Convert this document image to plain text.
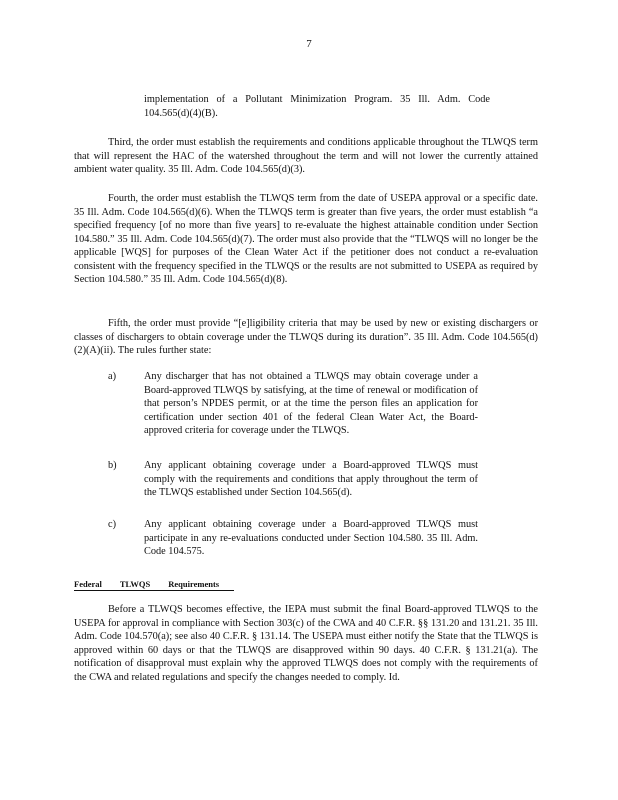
7

implementation of a Pollutant Minimization Program. 35 Ill. Adm. Code 104.565(d)(4)(B).

Third, the order must establish the requirements and conditions applicable throughout the TLWQS term that will represent the HAC of the watershed throughout the term and will not lower the currently attained ambient water quality. 35 Ill. Adm. Code 104.565(d)(3).

Fourth, the order must establish the TLWQS term from the date of USEPA approval or a specific date. 35 Ill. Adm. Code 104.565(d)(6). When the TLWQS term is greater than five years, the order must establish “a specified frequency [of no more than five years] to re-evaluate the highest attainable condition under Section 104.580.” 35 Ill. Adm. Code 104.565(d)(7). The order must also provide that the “TLWQS will no longer be the applicable [WQS] for purposes of the Clean Water Act if the petitioner does not conduct a re-evaluation consistent with the frequency specified in the TLWQS or the results are not submitted to USEPA as required by Section 104.580.” 35 Ill. Adm. Code 104.565(d)(8).

Fifth, the order must provide “[e]ligibility criteria that may be used by new or existing dischargers or classes of dischargers to obtain coverage under the TLWQS during its duration”. 35 Ill. Adm. Code 104.565(d)(2)(A)(ii). The rules further state:

a)	Any discharger that has not obtained a TLWQS may obtain coverage under a Board-approved TLWQS by satisfying, at the time of renewal or modification of that person’s NPDES permit, or at the time the person files an application for certification under section 401 of the federal Clean Water Act, the Board-approved criteria for coverage under the TLWQS.
b)	Any applicant obtaining coverage under a Board-approved TLWQS must comply with the requirements and conditions that apply throughout the term of the TLWQS established under Section 104.565(d).
c)	Any applicant obtaining coverage under a Board-approved TLWQS must participate in any re-evaluations conducted under Section 104.580. 35 Ill. Adm. Code 104.575.
Federal TLWQS Requirements

Before a TLWQS becomes effective, the IEPA must submit the final Board-approved TLWQS to the USEPA for approval in compliance with Section 303(c) of the CWA and 40 C.F.R. §§ 131.20 and 131.21. 35 Ill. Adm. Code 104.570(a); see also 40 C.F.R. § 131.14. The USEPA must either notify the State that the TLWQS is approved within 60 days or that the TLWQS are disapproved within 90 days. 40 C.F.R. § 131.21(a). The notification of disapproval must explain why the approved TLWQS does not comply with the requirements of the CWA and related regulations and specify the changes needed to comply. Id.
